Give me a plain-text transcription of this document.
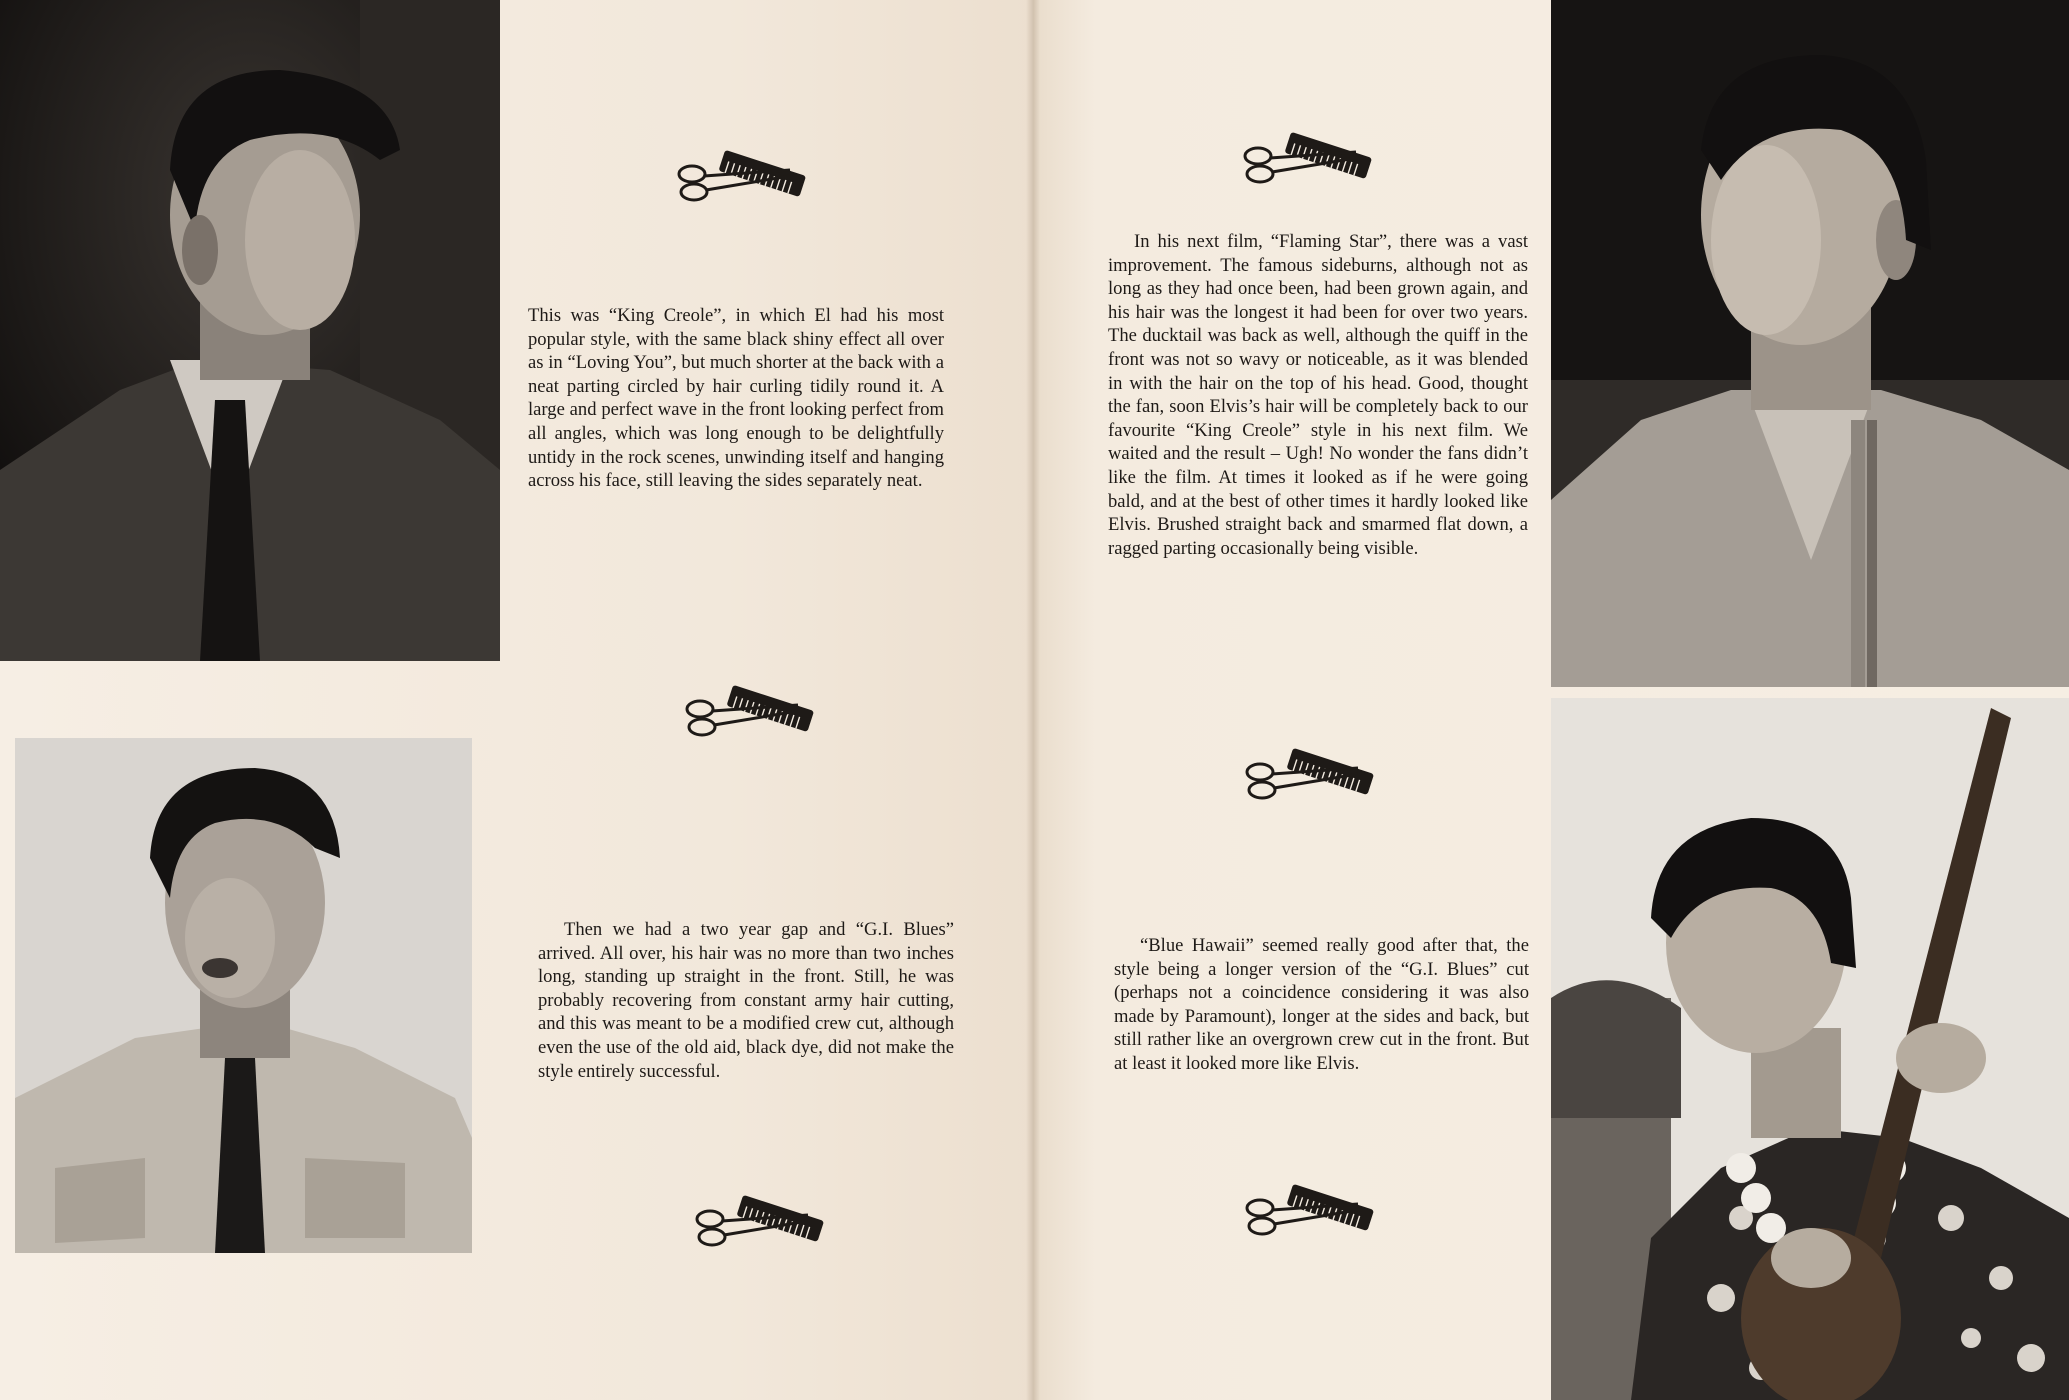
This was “King Creole”, in which El had his most popular style, with the same black shiny effect all over as in “Loving You”, but much shorter at the back with a neat parting circled by hair curling tidily round it. A large and perfect wave in the front looking perfect from all angles, which was long enough to be delightfully untidy in the rock scenes, unwinding itself and hanging across his face, still leaving the sides separately neat.

Then we had a two year gap and “G.I. Blues” arrived. All over, his hair was no more than two inches long, standing up straight in the front. Still, he was probably recovering from constant army hair cutting, and this was meant to be a modified crew cut, although even the use of the old aid, black dye, did not make the style entirely successful.

In his next film, “Flaming Star”, there was a vast improvement. The famous sideburns, although not as long as they had once been, had been grown again, and his hair was the longest it had been for over two years. The ducktail was back as well, although the quiff in the front was not so wavy or noticeable, as it was blended in with the hair on the top of his head. Good, thought the fan, soon Elvis’s hair will be completely back to our favourite “King Creole” style in his next film. We waited and the result – Ugh! No wonder the fans didn’t like the film. At times it looked as if he were going bald, and at the best of other times it hardly looked like Elvis. Brushed straight back and smarmed flat down, a ragged parting occasionally being visible.

“Blue Hawaii” seemed really good after that, the style being a longer version of the “G.I. Blues” cut (perhaps not a coincidence considering it was also made by Paramount), longer at the sides and back, but still rather like an overgrown crew cut in the front. But at least it looked more like Elvis.
